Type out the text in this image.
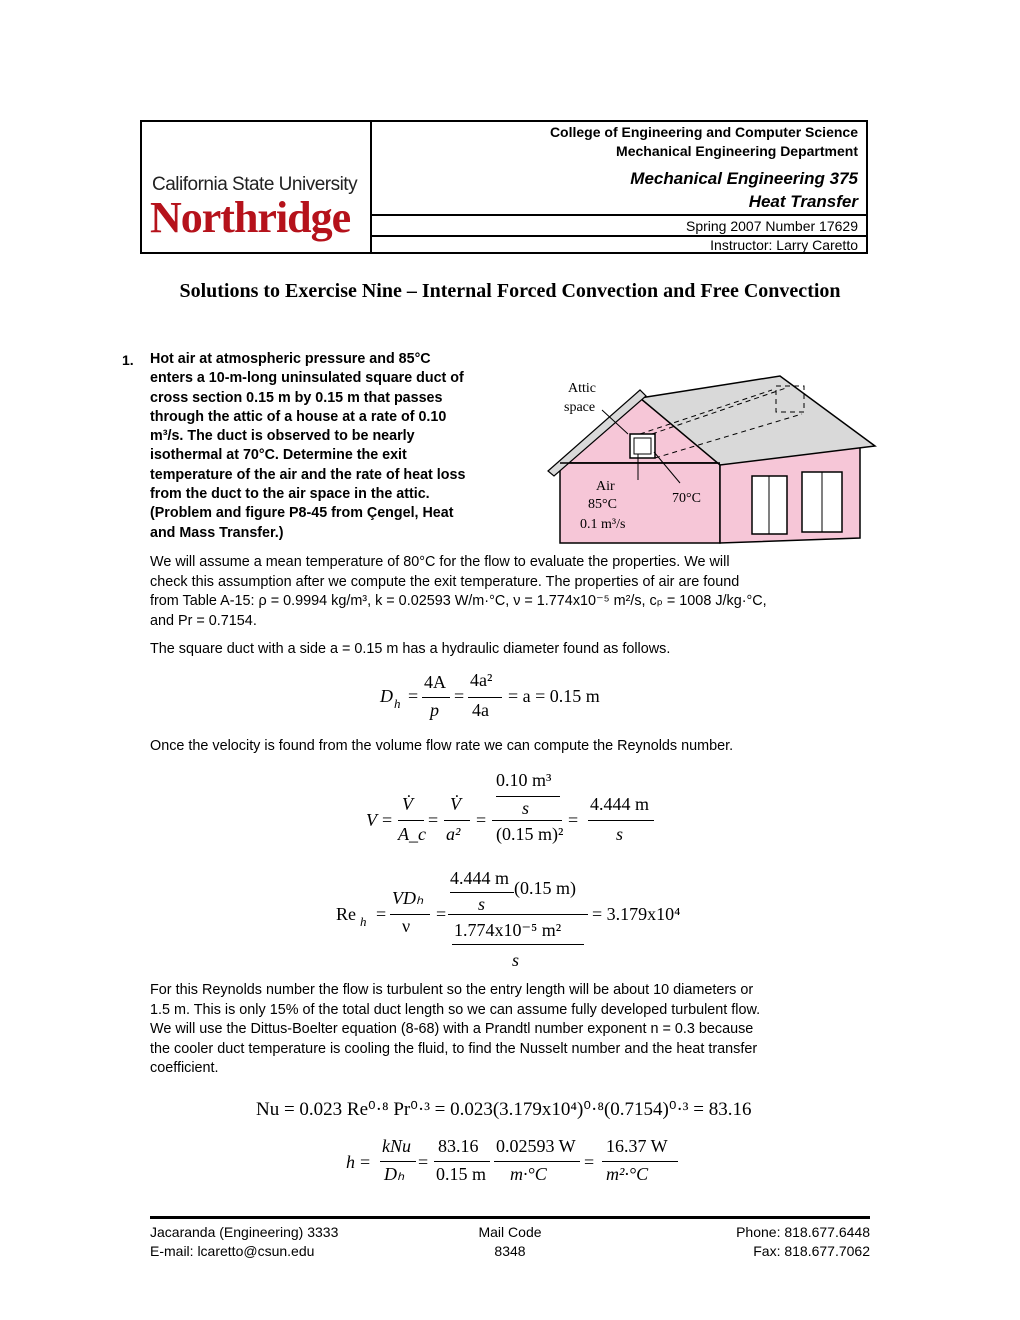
California State University
Northridge
College of Engineering and Computer Science
Mechanical Engineering Department
Mechanical Engineering 375
Heat Transfer
Spring 2007 Number 17629
Instructor: Larry Caretto
Solutions to Exercise Nine – Internal Forced Convection and Free Convection
1. Hot air at atmospheric pressure and 85°C
enters a 10-m-long uninsulated square duct of
cross section 0.15 m by 0.15 m that passes
through the attic of a house at a rate of 0.10
m³/s. The duct is observed to be nearly
isothermal at 70°C. Determine the exit
temperature of the air and the rate of heat loss
from the duct to the air space in the attic.
(Problem and figure P8-45 from Çengel, Heat
and Mass Transfer.)
Attic
space
Air
85°C
0.1 m³/s
70°C
We will assume a mean temperature of 80°C for the flow to evaluate the properties. We will
check this assumption after we compute the exit temperature. The properties of air are found
from Table A-15: ρ = 0.9994 kg/m³, k = 0.02593 W/m·°C, ν = 1.774x10⁻⁵ m²/s, cₚ = 1008 J/kg·°C,
and Pr = 0.7154.
The square duct with a side a = 0.15 m has a hydraulic diameter found as follows.
D h =
4A
p
=
4a²
4a
= a = 0.15 m
Once the velocity is found from the volume flow rate we can compute the Reynolds number.
V =
V̇
A_c
=
V̇
a²
=
0.10 m³
s
(0.15 m)²
=
4.444 m
s
Re h =
VDₕ
ν
=
4.444 m
s
(0.15 m)
1.774x10⁻⁵ m²
s
= 3.179x10⁴
For this Reynolds number the flow is turbulent so the entry length will be about 10 diameters or
1.5 m. This is only 15% of the total duct length so we can assume fully developed turbulent flow.
We will use the Dittus-Boelter equation (8-68) with a Prandtl number exponent n = 0.3 because
the cooler duct temperature is cooling the fluid, to find the Nusselt number and the heat transfer
coefficient.
Nu = 0.023 Re⁰·⁸ Pr⁰·³ = 0.023(3.179x10⁴)⁰·⁸(0.7154)⁰·³ = 83.16
h =
kNu
Dₕ
=
83.16
0.15 m
0.02593 W
m·°C
=
16.37 W
m²·°C
Jacaranda (Engineering) 3333
E-mail: lcaretto@csun.edu
Mail Code
8348
Phone: 818.677.6448
Fax: 818.677.7062
